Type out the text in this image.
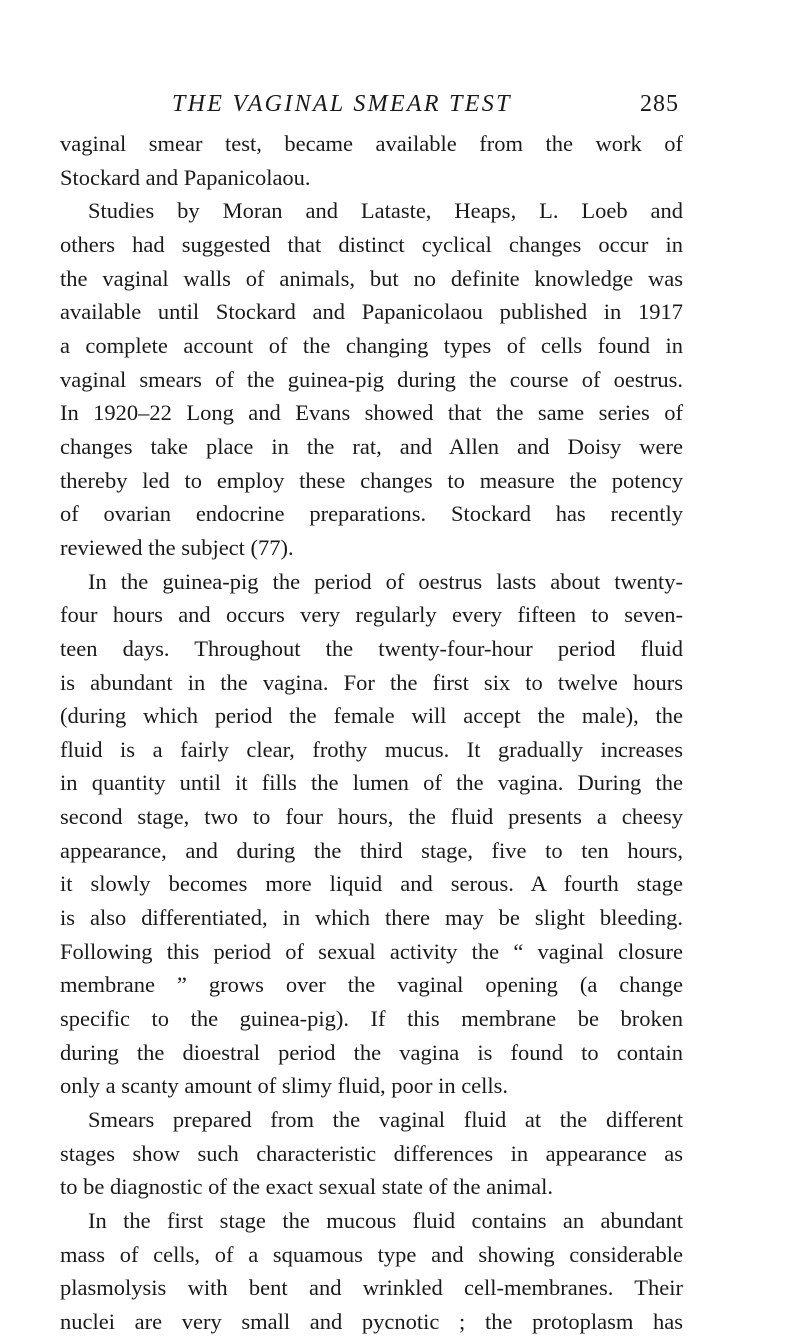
THE VAGINAL SMEAR TEST	285

vaginal smear test, became available from the work of
Stockard and Papanicolaou.

Studies by Moran and Lataste, Heaps, L. Loeb and
others had suggested that distinct cyclical changes occur in
the vaginal walls of animals, but no definite knowledge was
available until Stockard and Papanicolaou published in 1917
a complete account of the changing types of cells found in
vaginal smears of the guinea-pig during the course of oestrus.
In 1920–22 Long and Evans showed that the same series of
changes take place in the rat, and Allen and Doisy were
thereby led to employ these changes to measure the potency
of ovarian endocrine preparations. Stockard has recently
reviewed the subject (77).

In the guinea-pig the period of oestrus lasts about twenty-
four hours and occurs very regularly every fifteen to seven-
teen days. Throughout the twenty-four-hour period fluid
is abundant in the vagina. For the first six to twelve hours
(during which period the female will accept the male), the
fluid is a fairly clear, frothy mucus. It gradually increases
in quantity until it fills the lumen of the vagina. During the
second stage, two to four hours, the fluid presents a cheesy
appearance, and during the third stage, five to ten hours,
it slowly becomes more liquid and serous. A fourth stage
is also differentiated, in which there may be slight bleeding.
Following this period of sexual activity the “ vaginal closure
membrane ” grows over the vaginal opening (a change
specific to the guinea-pig). If this membrane be broken
during the dioestral period the vagina is found to contain
only a scanty amount of slimy fluid, poor in cells.

Smears prepared from the vaginal fluid at the different
stages show such characteristic differences in appearance as
to be diagnostic of the exact sexual state of the animal.

In the first stage the mucous fluid contains an abundant
mass of cells, of a squamous type and showing considerable
plasmolysis with bent and wrinkled cell-membranes. Their
nuclei are very small and pycnotic ; the protoplasm has
